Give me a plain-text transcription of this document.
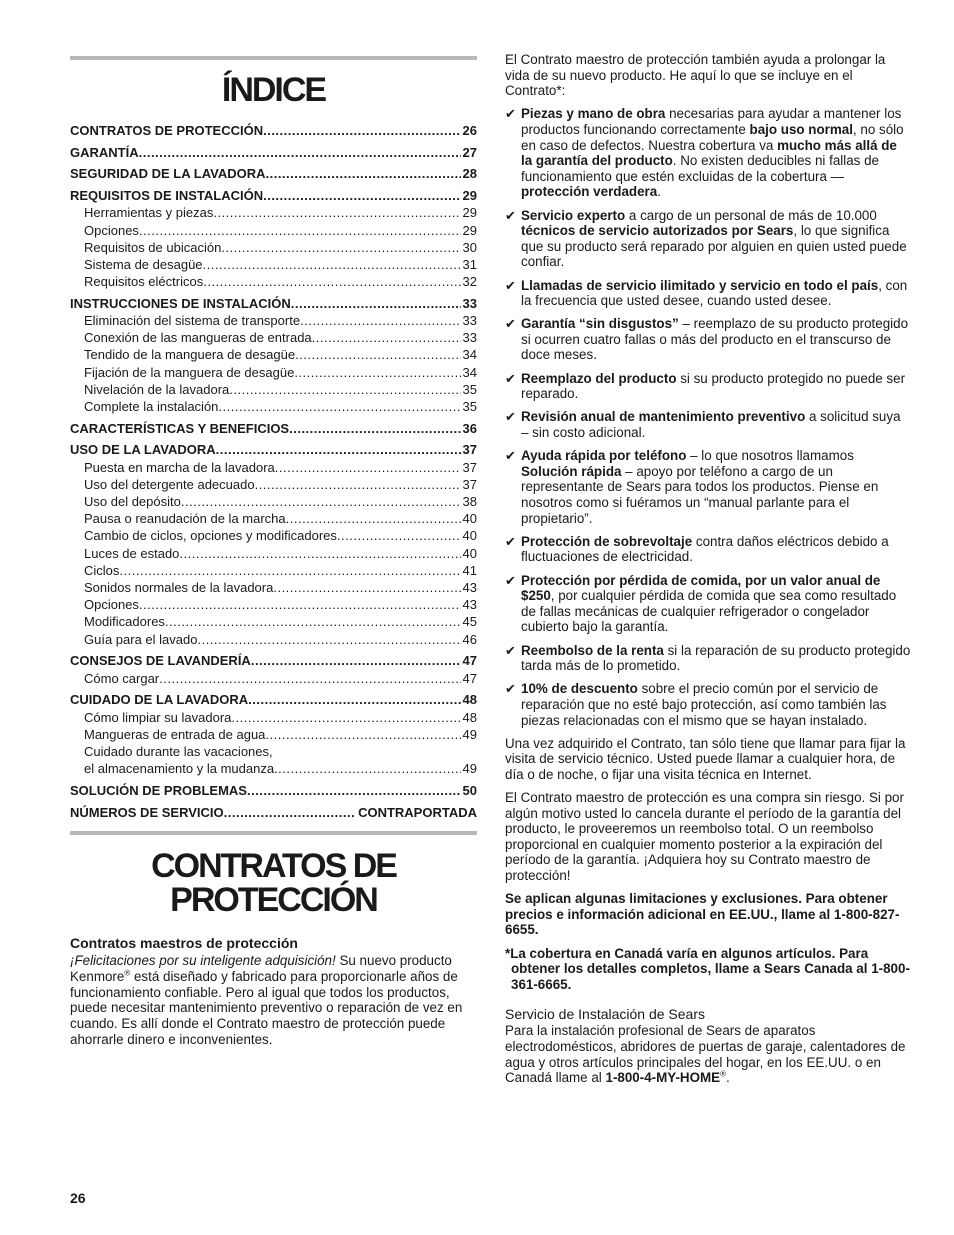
ÍNDICE
CONTRATOS DE PROTECCIÓN .....	26
GARANTÍA .....	27
SEGURIDAD DE LA LAVADORA .....	28
REQUISITOS DE INSTALACIÓN .....	29
Herramientas y piezas .....	29
Opciones .....	29
Requisitos de ubicación .....	30
Sistema de desagüe .....	31
Requisitos eléctricos .....	32
INSTRUCCIONES DE INSTALACIÓN .....	33
Eliminación del sistema de transporte .....	33
Conexión de las mangueras de entrada .....	33
Tendido de la manguera de desagüe .....	34
Fijación de la manguera de desagüe .....	34
Nivelación de la lavadora .....	35
Complete la instalación .....	35
CARACTERÍSTICAS Y BENEFICIOS .....	36
USO DE LA LAVADORA .....	37
Puesta en marcha de la lavadora .....	37
Uso del detergente adecuado .....	37
Uso del depósito .....	38
Pausa o reanudación de la marcha .....	40
Cambio de ciclos, opciones y modificadores .....	40
Luces de estado .....	40
Ciclos .....	41
Sonidos normales de la lavadora .....	43
Opciones .....	43
Modificadores .....	45
Guía para el lavado .....	46
CONSEJOS DE LAVANDERÍA .....	47
Cómo cargar .....	47
CUIDADO DE LA LAVADORA .....	48
Cómo limpiar su lavadora .....	48
Mangueras de entrada de agua .....	49
Cuidado durante las vacaciones,
el almacenamiento y la mudanza .....	49
SOLUCIÓN DE PROBLEMAS .....	50
NÚMEROS DE SERVICIO .....	CONTRAPORTADA
CONTRATOS DE
PROTECCIÓN
Contratos maestros de protección

¡Felicitaciones por su inteligente adquisición! Su nuevo producto Kenmore® está diseñado y fabricado para proporcionarle años de funcionamiento confiable. Pero al igual que todos los productos, puede necesitar mantenimiento preventivo o reparación de vez en cuando. Es allí donde el Contrato maestro de protección puede ahorrarle dinero e inconvenientes.

El Contrato maestro de protección también ayuda a prolongar la vida de su nuevo producto. He aquí lo que se incluye en el Contrato*:

✔ Piezas y mano de obra necesarias para ayudar a mantener los productos funcionando correctamente bajo uso normal, no sólo en caso de defectos. Nuestra cobertura va mucho más allá de la garantía del producto. No existen deducibles ni fallas de funcionamiento que estén excluidas de la cobertura — protección verdadera.

✔ Servicio experto a cargo de un personal de más de 10.000 técnicos de servicio autorizados por Sears, lo que significa que su producto será reparado por alguien en quien usted puede confiar.

✔ Llamadas de servicio ilimitado y servicio en todo el país, con la frecuencia que usted desee, cuando usted desee.

✔ Garantía “sin disgustos” – reemplazo de su producto protegido si ocurren cuatro fallas o más del producto en el transcurso de doce meses.

✔ Reemplazo del producto si su producto protegido no puede ser reparado.

✔ Revisión anual de mantenimiento preventivo a solicitud suya – sin costo adicional.

✔ Ayuda rápida por teléfono – lo que nosotros llamamos Solución rápida – apoyo por teléfono a cargo de un representante de Sears para todos los productos. Piense en nosotros como si fuéramos un “manual parlante para el propietario”.

✔ Protección de sobrevoltaje contra daños eléctricos debido a fluctuaciones de electricidad.

✔ Protección por pérdida de comida, por un valor anual de $250, por cualquier pérdida de comida que sea como resultado de fallas mecánicas de cualquier refrigerador o congelador cubierto bajo la garantía.

✔ Reembolso de la renta si la reparación de su producto protegido tarda más de lo prometido.

✔ 10% de descuento sobre el precio común por el servicio de reparación que no esté bajo protección, así como también las piezas relacionadas con el mismo que se hayan instalado.

Una vez adquirido el Contrato, tan sólo tiene que llamar para fijar la visita de servicio técnico. Usted puede llamar a cualquier hora, de día o de noche, o fijar una visita técnica en Internet.

El Contrato maestro de protección es una compra sin riesgo. Si por algún motivo usted lo cancela durante el período de la garantía del producto, le proveeremos un reembolso total. O un reembolso proporcional en cualquier momento posterior a la expiración del período de la garantía. ¡Adquiera hoy su Contrato maestro de protección!

Se aplican algunas limitaciones y exclusiones. Para obtener precios e información adicional en EE.UU., llame al 1-800-827-6655.

*La cobertura en Canadá varía en algunos artículos. Para obtener los detalles completos, llame a Sears Canada al 1-800-361-6665.

Servicio de Instalación de Sears

Para la instalación profesional de Sears de aparatos electrodomésticos, abridores de puertas de garaje, calentadores de agua y otros artículos principales del hogar, en los EE.UU. o en Canadá llame al 1-800-4-MY-HOME®.

26
